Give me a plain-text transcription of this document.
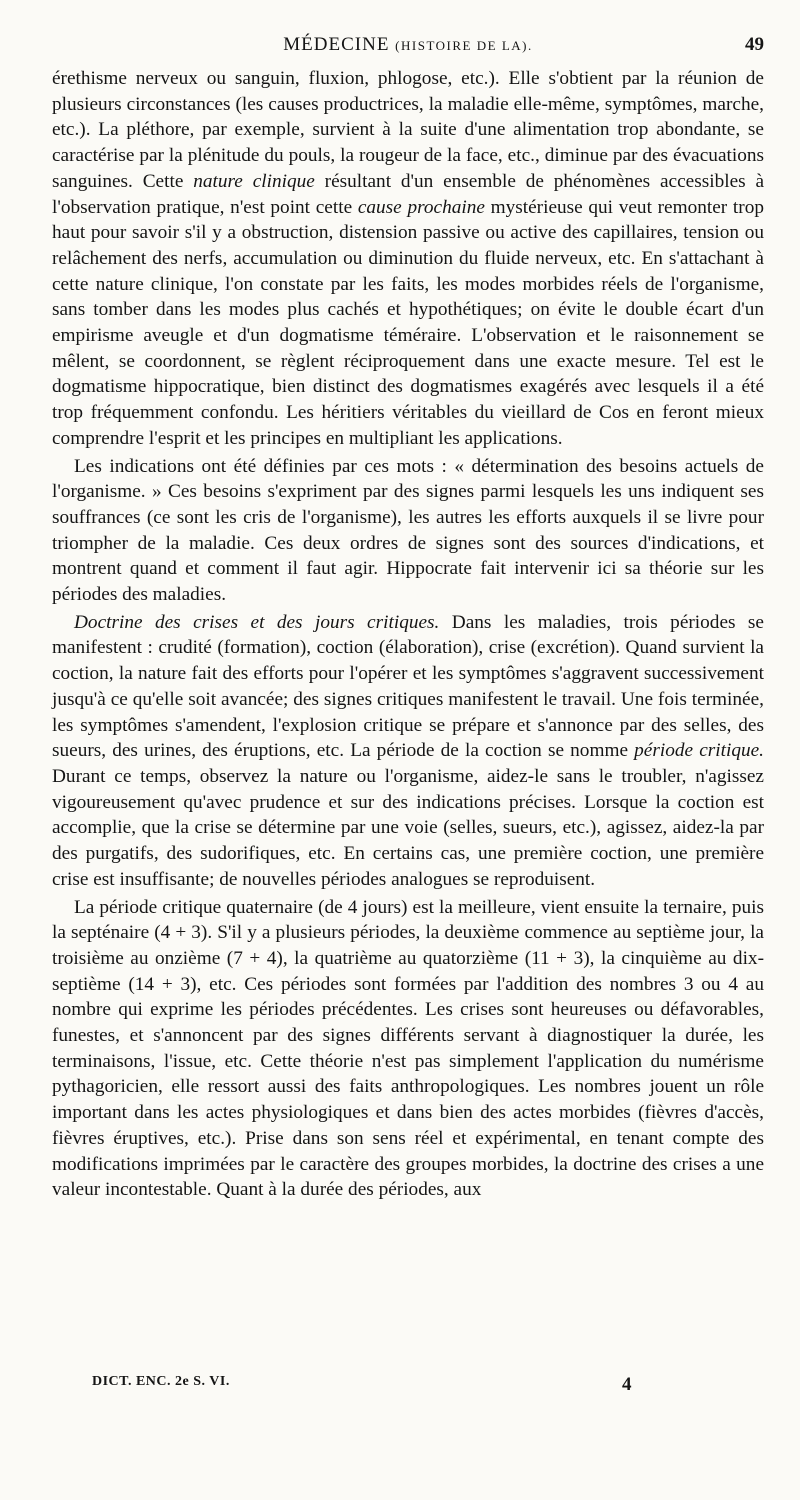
MÉDECINE (HISTOIRE DE LA).	49

érethisme nerveux ou sanguin, fluxion, phlogose, etc.). Elle s'obtient par la réunion de plusieurs circonstances (les causes productrices, la maladie elle-même, symptômes, marche, etc.). La pléthore, par exemple, survient à la suite d'une alimentation trop abondante, se caractérise par la plénitude du pouls, la rougeur de la face, etc., diminue par des évacuations sanguines. Cette nature clinique résultant d'un ensemble de phénomènes accessibles à l'observation pratique, n'est point cette cause prochaine mystérieuse qui veut remonter trop haut pour savoir s'il y a obstruction, distension passive ou active des capillaires, tension ou relâchement des nerfs, accumulation ou diminution du fluide nerveux, etc. En s'attachant à cette nature clinique, l'on constate par les faits, les modes morbides réels de l'organisme, sans tomber dans les modes plus cachés et hypothétiques; on évite le double écart d'un empirisme aveugle et d'un dogmatisme téméraire. L'observation et le raisonnement se mêlent, se coordonnent, se règlent réciproquement dans une exacte mesure. Tel est le dogmatisme hippocratique, bien distinct des dogmatismes exagérés avec lesquels il a été trop fréquemment confondu. Les héritiers véritables du vieillard de Cos en feront mieux comprendre l'esprit et les principes en multipliant les applications.

Les indications ont été définies par ces mots : « détermination des besoins actuels de l'organisme. » Ces besoins s'expriment par des signes parmi lesquels les uns indiquent ses souffrances (ce sont les cris de l'organisme), les autres les efforts auxquels il se livre pour triompher de la maladie. Ces deux ordres de signes sont des sources d'indications, et montrent quand et comment il faut agir. Hippocrate fait intervenir ici sa théorie sur les périodes des maladies.

Doctrine des crises et des jours critiques. Dans les maladies, trois périodes se manifestent : crudité (formation), coction (élaboration), crise (excrétion). Quand survient la coction, la nature fait des efforts pour l'opérer et les symptômes s'aggravent successivement jusqu'à ce qu'elle soit avancée; des signes critiques manifestent le travail. Une fois terminée, les symptômes s'amendent, l'explosion critique se prépare et s'annonce par des selles, des sueurs, des urines, des éruptions, etc. La période de la coction se nomme période critique. Durant ce temps, observez la nature ou l'organisme, aidez-le sans le troubler, n'agissez vigoureusement qu'avec prudence et sur des indications précises. Lorsque la coction est accomplie, que la crise se détermine par une voie (selles, sueurs, etc.), agissez, aidez-la par des purgatifs, des sudorifiques, etc. En certains cas, une première coction, une première crise est insuffisante; de nouvelles périodes analogues se reproduisent.

La période critique quaternaire (de 4 jours) est la meilleure, vient ensuite la ternaire, puis la septénaire (4 + 3). S'il y a plusieurs périodes, la deuxième commence au septième jour, la troisième au onzième (7 + 4), la quatrième au quatorzième (11 + 3), la cinquième au dix-septième (14 + 3), etc. Ces périodes sont formées par l'addition des nombres 3 ou 4 au nombre qui exprime les périodes précédentes. Les crises sont heureuses ou défavorables, funestes, et s'annoncent par des signes différents servant à diagnostiquer la durée, les terminaisons, l'issue, etc. Cette théorie n'est pas simplement l'application du numérisme pythagoricien, elle ressort aussi des faits anthropologiques. Les nombres jouent un rôle important dans les actes physiologiques et dans bien des actes morbides (fièvres d'accès, fièvres éruptives, etc.). Prise dans son sens réel et expérimental, en tenant compte des modifications imprimées par le caractère des groupes morbides, la doctrine des crises a une valeur incontestable. Quant à la durée des périodes, aux

DICT. ENC. 2e S. VI.	4
